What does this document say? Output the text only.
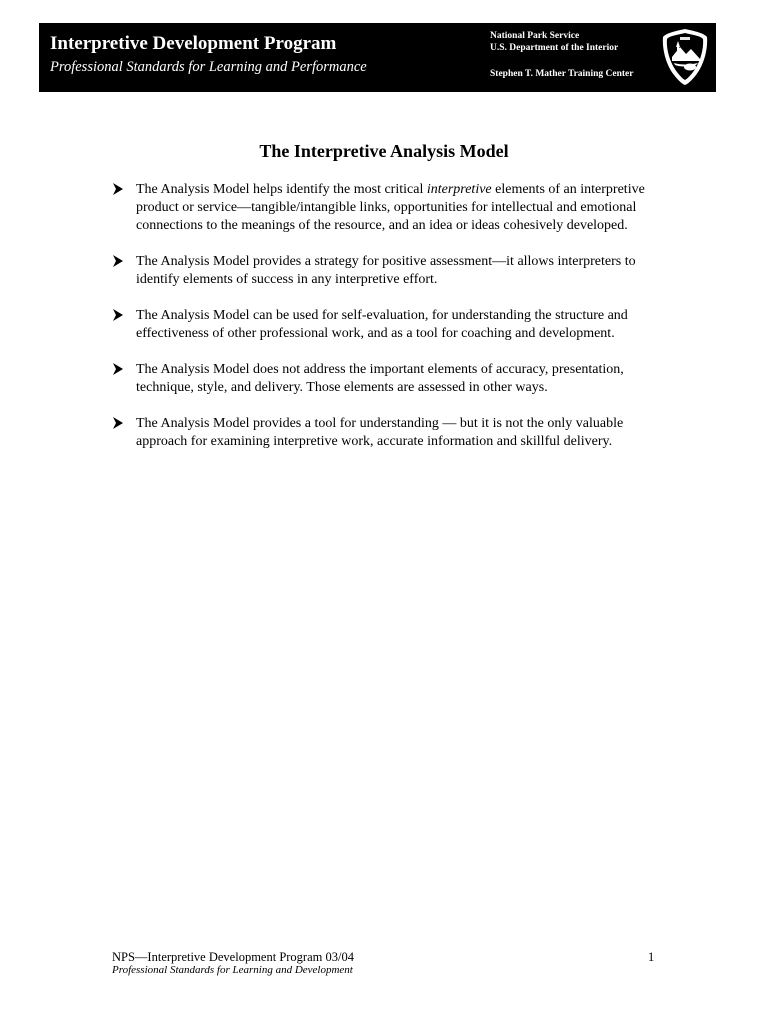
Interpretive Development Program
Professional Standards for Learning and Performance
National Park Service
U.S. Department of the Interior
Stephen T. Mather Training Center
The Interpretive Analysis Model
The Analysis Model helps identify the most critical interpretive elements of an interpretive product or service—tangible/intangible links, opportunities for intellectual and emotional connections to the meanings of the resource, and an idea or ideas cohesively developed.
The Analysis Model provides a strategy for positive assessment—it allows interpreters to identify elements of success in any interpretive effort.
The Analysis Model can be used for self-evaluation, for understanding the structure and effectiveness of other professional work, and as a tool for coaching and development.
The Analysis Model does not address the important elements of accuracy, presentation, technique, style, and delivery. Those elements are assessed in other ways.
The Analysis Model provides a tool for understanding — but it is not the only valuable approach for examining interpretive work, accurate information and skillful delivery.
NPS—Interpretive Development Program 03/04
Professional Standards for Learning and Development
1
